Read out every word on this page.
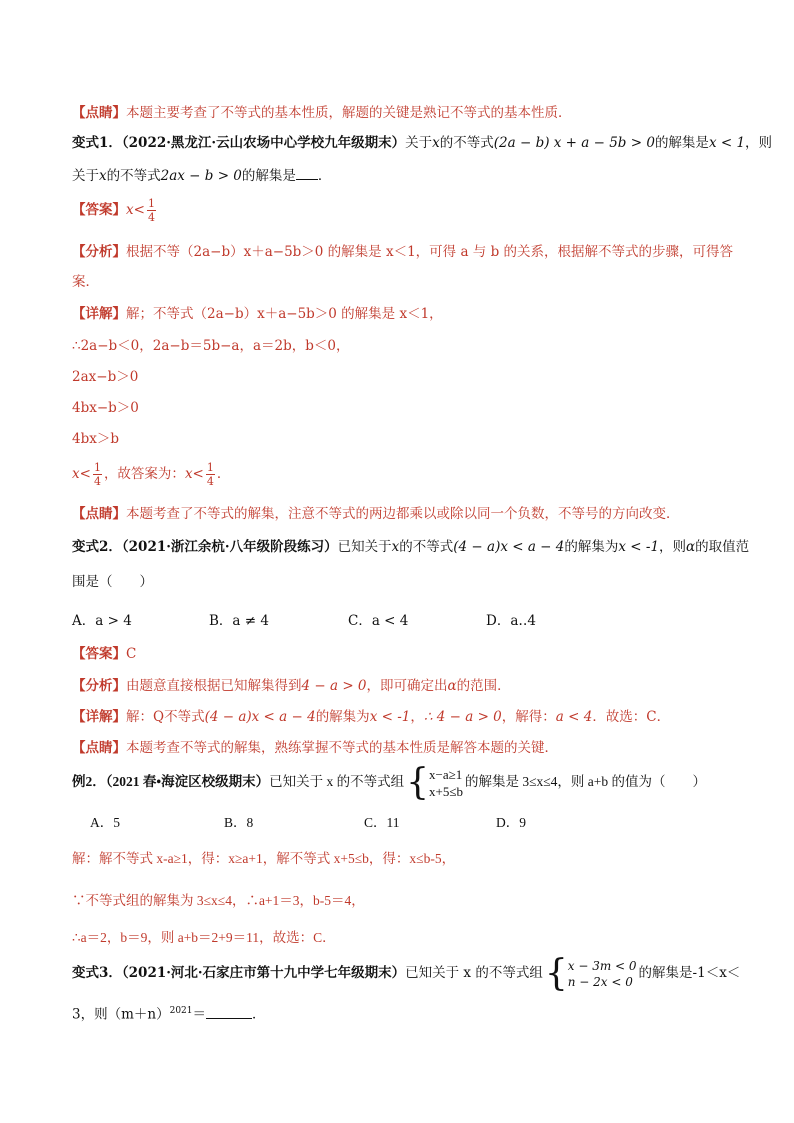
【点睛】本题主要考查了不等式的基本性质，解题的关键是熟记不等式的基本性质．
变式1．（2022·黑龙江·云山农场中心学校九年级期末）关于x的不等式(2a − b) x + a − 5b > 0的解集是x < 1，则
关于x的不等式2ax − b > 0的解集是 ．
【答案】$x< \frac{1}{4}$
【分析】根据不等（2a−b）x＋a−5b＞0 的解集是 x＜1，可得 a 与 b 的关系，根据解不等式的步骤，可得答
案．
【详解】解；不等式（2a−b）x＋a−5b＞0 的解集是 x＜1，
∴2a−b＜0，2a−b＝5b−a，a＝2b，b＜0，
2ax−b＞0
4bx−b＞0
4bx＞b
$x< \frac{1}{4}$ ，故答案为：$x< \frac{1}{4}$ ．
【点睛】本题考查了不等式的解集，注意不等式的两边都乘以或除以同一个负数，不等号的方向改变．
变式2．（2021·浙江余杭·八年级阶段练习）已知关于x的不等式(4 − a)x < a − 4的解集为x < -1，则α的取值范
围是（　　）
A．a > 4	B．a ≠ 4	C．a < 4	D．a‥4
【答案】C
【分析】由题意直接根据已知解集得到4 − a > 0，即可确定出α的范围．
【详解】解：Q不等式(4 − a)x < a − 4的解集为x < -1，∴ 4 − a > 0，解得：a < 4．故选：C．
【点睛】本题考查不等式的解集，熟练掌握不等式的基本性质是解答本题的关键．
例2．（2021 春•海淀区校级期末）已知关于 x 的不等式组 { x−a≥1
x+5≤b
的解集是 3≤x≤4，则 a+b 的值为（　　）
A．5	B．8	C．11	D．9
解：解不等式 x-a≥1，得：x≥a+1，解不等式 x+5≤b，得：x≤b-5，
∵不等式组的解集为 3≤x≤4，∴a+1＝3，b-5＝4，
∴a＝2，b＝9，则 a+b＝2+9＝11，故选：C．
变式3．（2021·河北·石家庄市第十九中学七年级期末）已知关于 x 的不等式组 { x − 3m < 0
n − 2x < 0
的解集是-1＜x＜
3，则$(m+n)^{2021}=$	．
